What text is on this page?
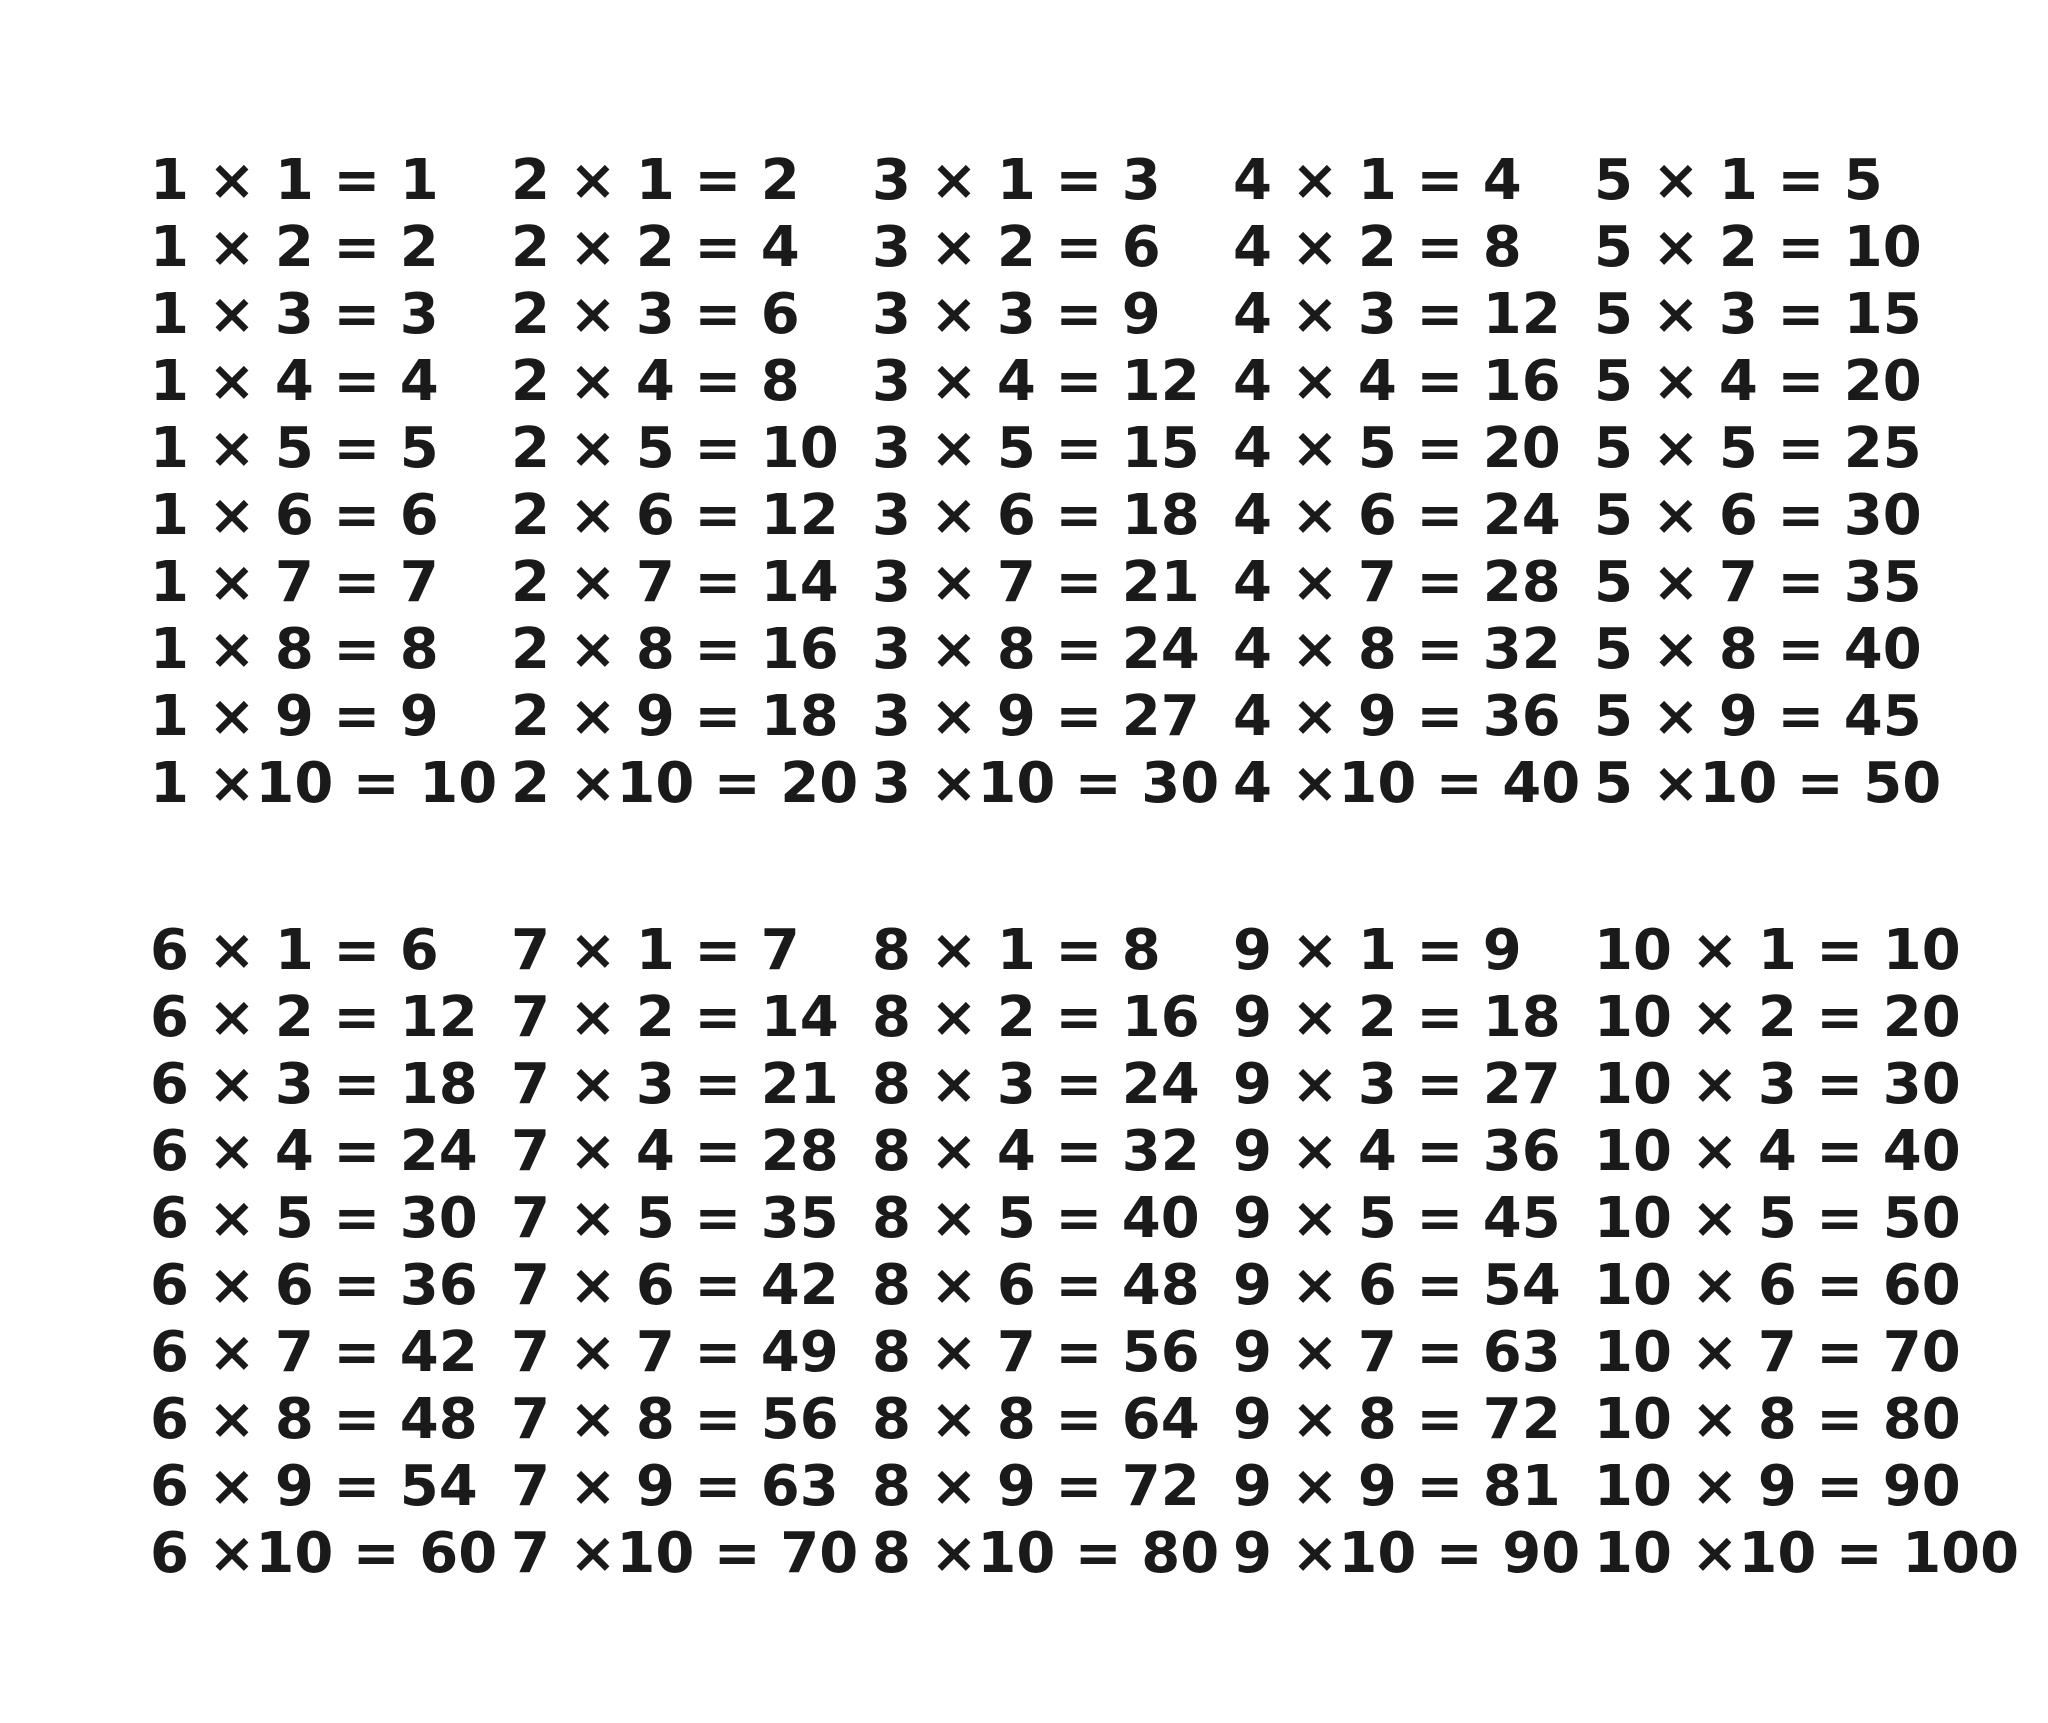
1 × 1 = 1
1 × 2 = 2
1 × 3 = 3
1 × 4 = 4
1 × 5 = 5
1 × 6 = 6
1 × 7 = 7
1 × 8 = 8
1 × 9 = 9
1 ×10 = 10
2 × 1 = 2
2 × 2 = 4
2 × 3 = 6
2 × 4 = 8
2 × 5 = 10
2 × 6 = 12
2 × 7 = 14
2 × 8 = 16
2 × 9 = 18
2 ×10 = 20
3 × 1 = 3
3 × 2 = 6
3 × 3 = 9
3 × 4 = 12
3 × 5 = 15
3 × 6 = 18
3 × 7 = 21
3 × 8 = 24
3 × 9 = 27
3 ×10 = 30
4 × 1 = 4
4 × 2 = 8
4 × 3 = 12
4 × 4 = 16
4 × 5 = 20
4 × 6 = 24
4 × 7 = 28
4 × 8 = 32
4 × 9 = 36
4 ×10 = 40
5 × 1 = 5
5 × 2 = 10
5 × 3 = 15
5 × 4 = 20
5 × 5 = 25
5 × 6 = 30
5 × 7 = 35
5 × 8 = 40
5 × 9 = 45
5 ×10 = 50
6 × 1 = 6
6 × 2 = 12
6 × 3 = 18
6 × 4 = 24
6 × 5 = 30
6 × 6 = 36
6 × 7 = 42
6 × 8 = 48
6 × 9 = 54
6 ×10 = 60
7 × 1 = 7
7 × 2 = 14
7 × 3 = 21
7 × 4 = 28
7 × 5 = 35
7 × 6 = 42
7 × 7 = 49
7 × 8 = 56
7 × 9 = 63
7 ×10 = 70
8 × 1 = 8
8 × 2 = 16
8 × 3 = 24
8 × 4 = 32
8 × 5 = 40
8 × 6 = 48
8 × 7 = 56
8 × 8 = 64
8 × 9 = 72
8 ×10 = 80
9 × 1 = 9
9 × 2 = 18
9 × 3 = 27
9 × 4 = 36
9 × 5 = 45
9 × 6 = 54
9 × 7 = 63
9 × 8 = 72
9 × 9 = 81
9 ×10 = 90
10 × 1 = 10
10 × 2 = 20
10 × 3 = 30
10 × 4 = 40
10 × 5 = 50
10 × 6 = 60
10 × 7 = 70
10 × 8 = 80
10 × 9 = 90
10 ×10 = 100
